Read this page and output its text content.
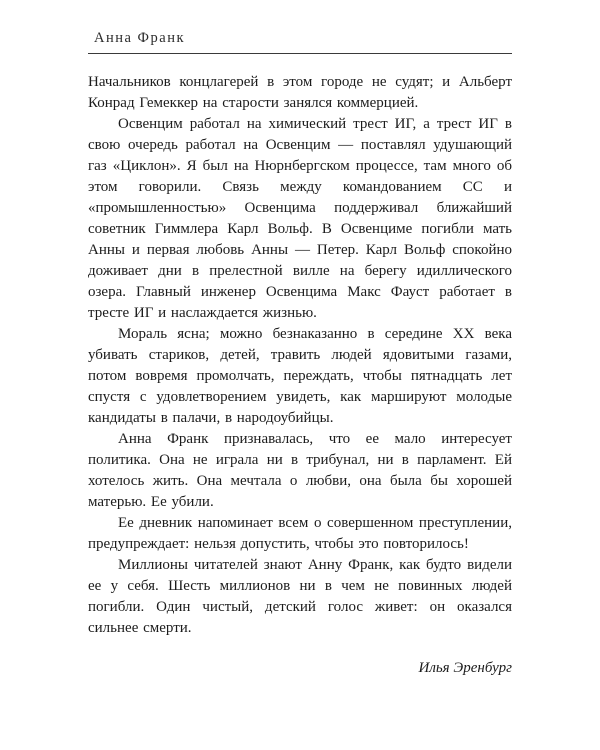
Анна Франк

Начальников концлагерей в этом городе не судят; и Альберт Конрад Гемеккер на старости занялся коммерцией.

Освенцим работал на химический трест ИГ, а трест ИГ в свою очередь работал на Освенцим — поставлял удушающий газ «Циклон». Я был на Нюрнбергском процессе, там много об этом говорили. Связь между командованием СС и «промышленностью» Освенцима поддерживал ближайший советник Гиммлера Карл Вольф. В Освенциме погибли мать Анны и первая любовь Анны — Петер. Карл Вольф спокойно доживает дни в прелестной вилле на берегу идиллического озера. Главный инженер Освенцима Макс Фауст работает в тресте ИГ и наслаждается жизнью.

Мораль ясна; можно безнаказанно в середине XX века убивать стариков, детей, травить людей ядовитыми газами, потом вовремя промолчать, переждать, чтобы пятнадцать лет спустя с удовлетворением увидеть, как маршируют молодые кандидаты в палачи, в народоубийцы.

Анна Франк признавалась, что ее мало интересует политика. Она не играла ни в трибунал, ни в парламент. Ей хотелось жить. Она мечтала о любви, она была бы хорошей матерью. Ее убили.

Ее дневник напоминает всем о совершенном преступлении, предупреждает: нельзя допустить, чтобы это повторилось!

Миллионы читателей знают Анну Франк, как будто видели ее у себя. Шесть миллионов ни в чем не повинных людей погибли. Один чистый, детский голос живет: он оказался сильнее смерти.

Илья Эренбург
